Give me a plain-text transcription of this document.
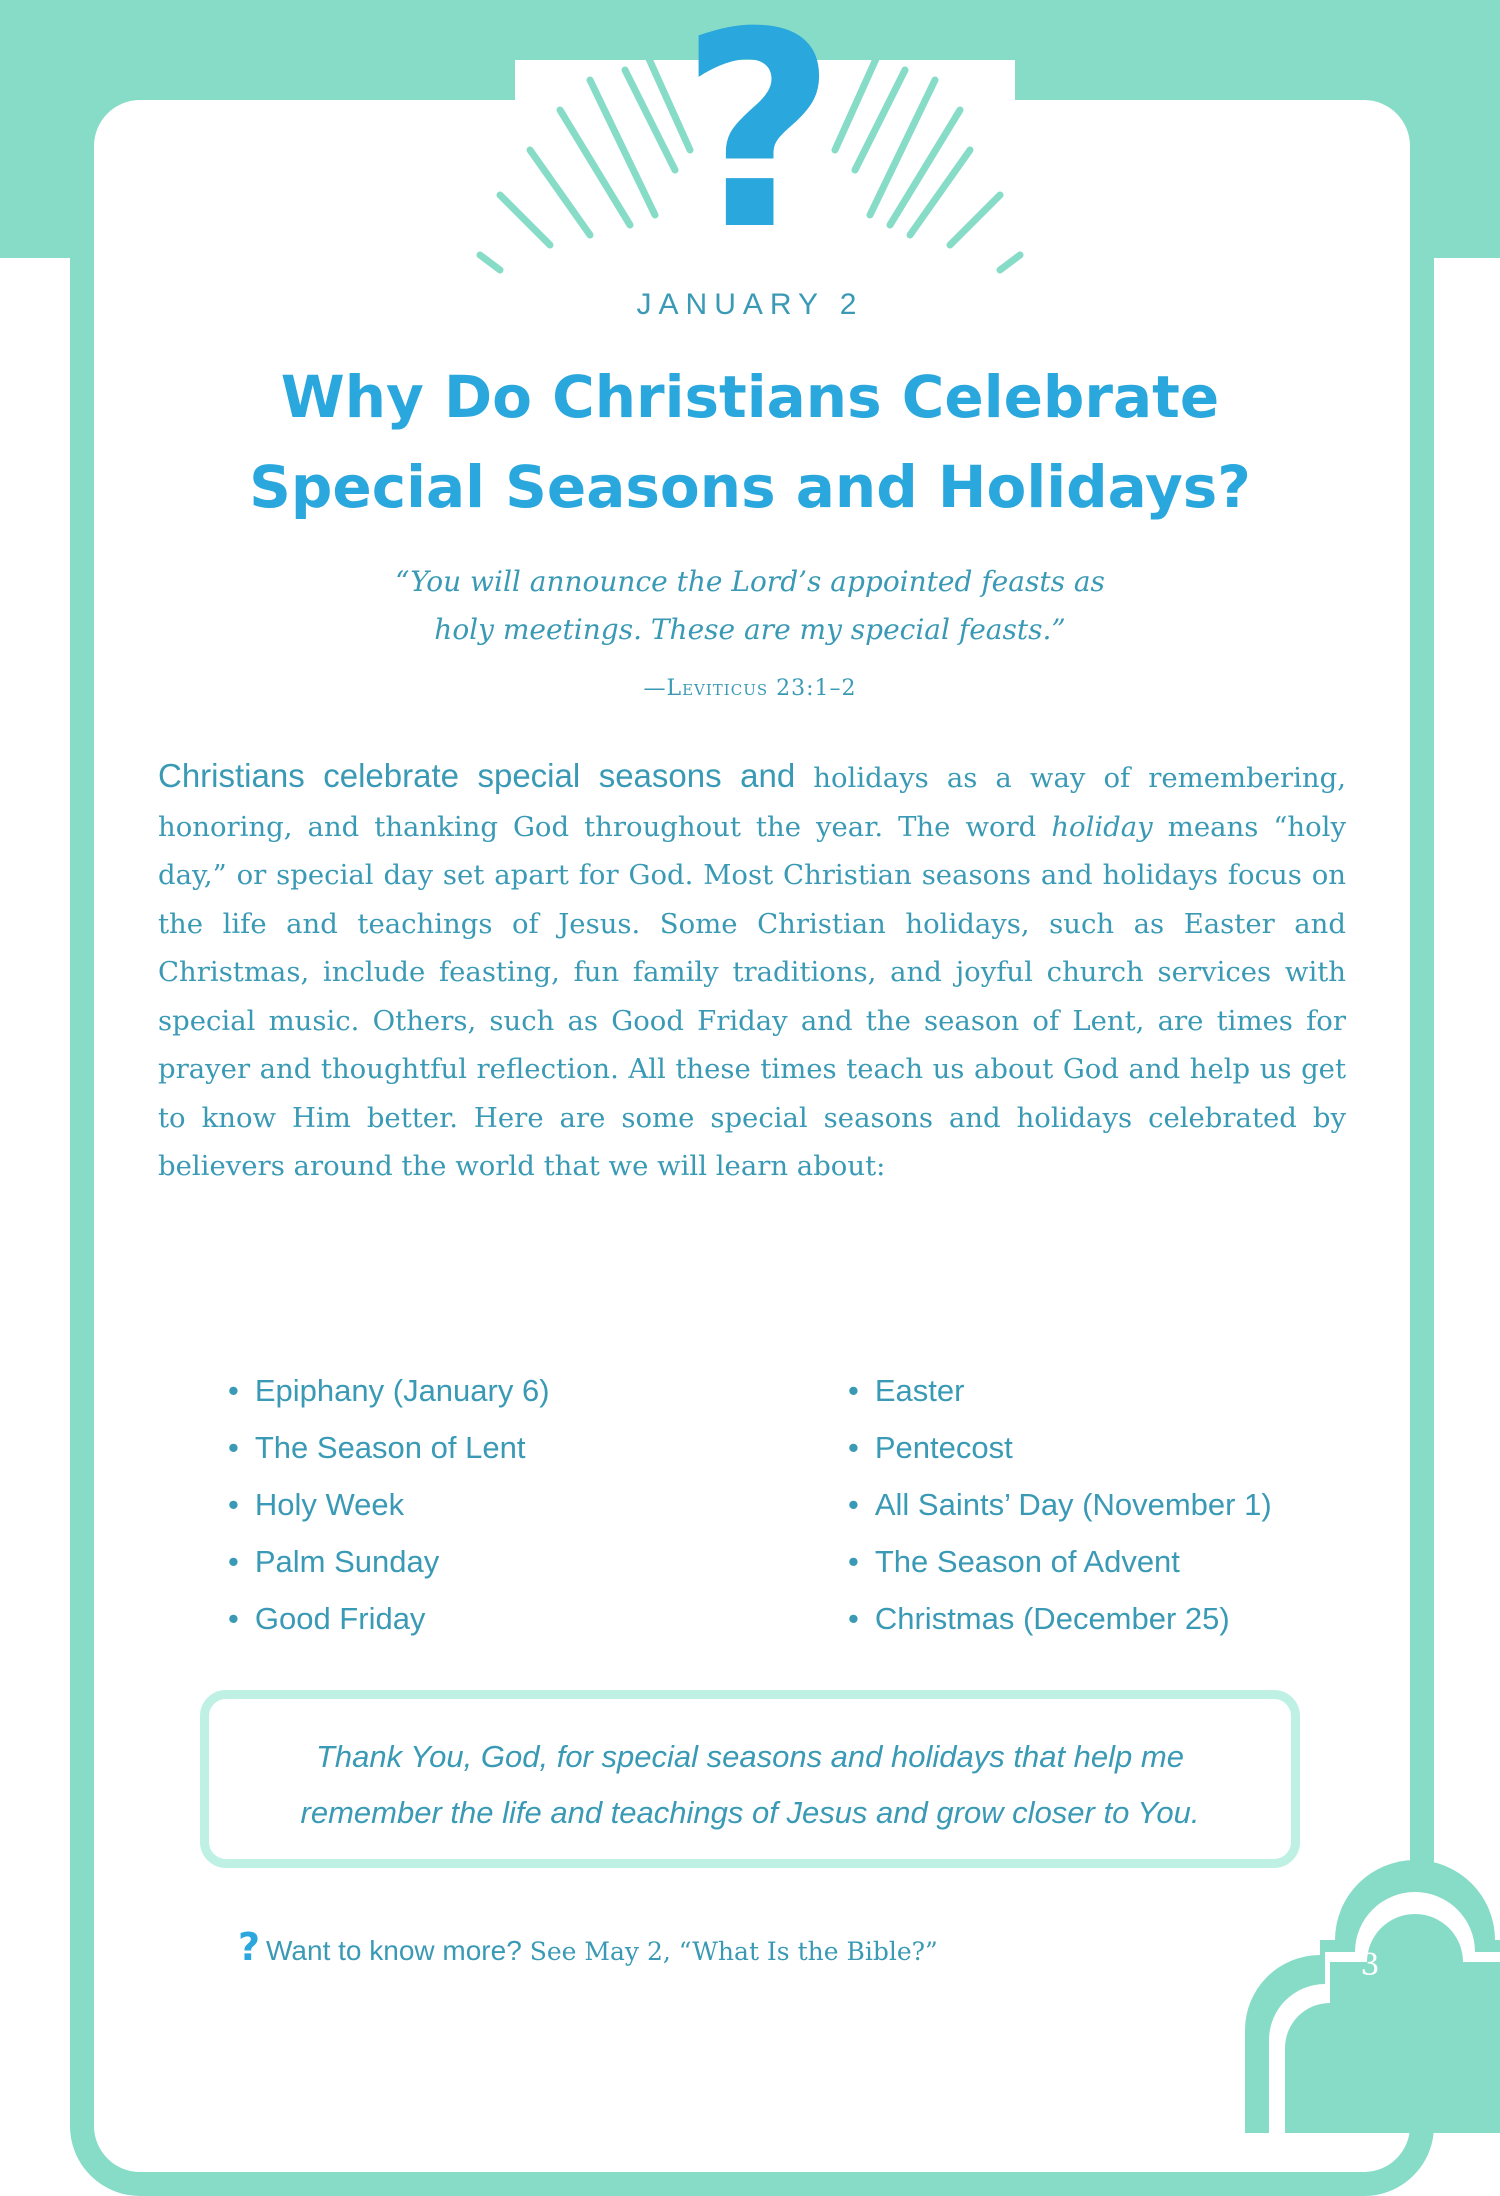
?
JANUARY 2
Why Do Christians Celebrate
Special Seasons and Holidays?
“You will announce the Lord’s appointed feasts as
holy meetings. These are my special feasts.”
—Leviticus 23:1–2

Christians celebrate special seasons and holidays as a way of remembering, honoring, and thanking God throughout the year. The word holiday means “holy day,” or special day set apart for God. Most Christian seasons and holidays focus on the life and teachings of Jesus. Some Christian holidays, such as Easter and Christmas, include feasting, fun family traditions, and joyful church services with special music. Others, such as Good Friday and the season of Lent, are times for prayer and thoughtful reflection. All these times teach us about God and help us get to know Him better. Here are some special seasons and holidays celebrated by believers around the world that we will learn about:

• Epiphany (January 6)
• The Season of Lent
• Holy Week
• Palm Sunday
• Good Friday
• Easter
• Pentecost
• All Saints’ Day (November 1)
• The Season of Advent
• Christmas (December 25)

Thank You, God, for special seasons and holidays that help me
remember the life and teachings of Jesus and grow closer to You.

? Want to know more? See May 2, “What Is the Bible?”	3
